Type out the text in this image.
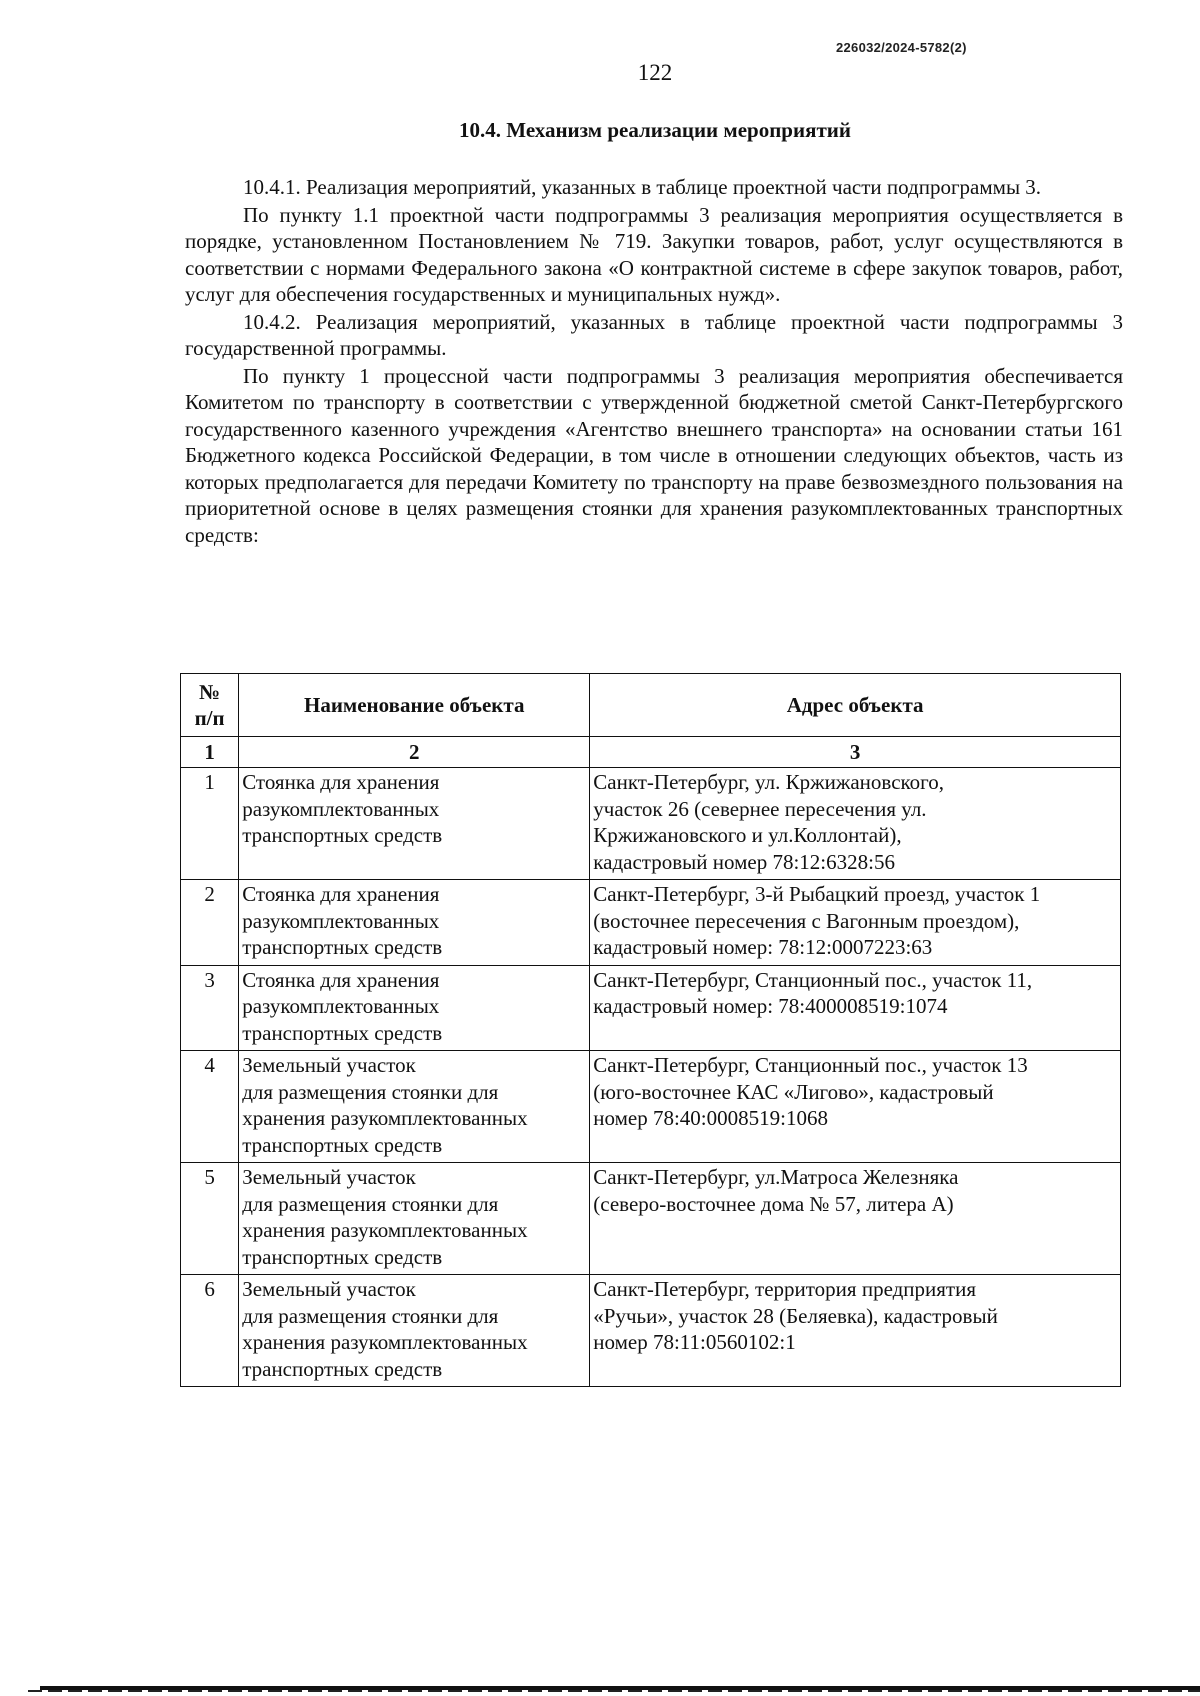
226032/2024-5782(2)
122
10.4. Механизм реализации мероприятий

10.4.1. Реализация мероприятий, указанных в таблице проектной части подпрограммы 3.

По пункту 1.1 проектной части подпрограммы 3 реализация мероприятия осуществляется в порядке, установленном Постановлением № 719. Закупки товаров, работ, услуг осуществляются в соответствии с нормами Федерального закона «О контрактной системе в сфере закупок товаров, работ, услуг для обеспечения государственных и муниципальных нужд».

10.4.2. Реализация мероприятий, указанных в таблице проектной части подпрограммы 3 государственной программы.

По пункту 1 процессной части подпрограммы 3 реализация мероприятия обеспечивается Комитетом по транспорту в соответствии с утвержденной бюджетной сметой Санкт-Петербургского государственного казенного учреждения «Агентство внешнего транспорта» на основании статьи 161 Бюджетного кодекса Российской Федерации, в том числе в отношении следующих объектов, часть из которых предполагается для передачи Комитету по транспорту на праве безвозмездного пользования на приоритетной основе в целях размещения стоянки для хранения разукомплектованных транспортных средств:

№
п/п	Наименование объекта	Адрес объекта
1	2	3
1	Стоянка для хранения
разукомплектованных
транспортных средств	Санкт-Петербург, ул. Кржижановского,
участок 26 (севернее пересечения ул.
Кржижановского и ул.Коллонтай),
кадастровый номер 78:12:6328:56

2	Стоянка для хранения
разукомплектованных
транспортных средств	Санкт-Петербург, 3-й Рыбацкий проезд, участок 1
(восточнее пересечения с Вагонным проездом),
кадастровый номер: 78:12:0007223:63

3	Стоянка для хранения
разукомплектованных
транспортных средств	Санкт-Петербург, Станционный пос., участок 11,
кадастровый номер: 78:400008519:1074

4	Земельный участок
для размещения стоянки для
хранения разукомплектованных
транспортных средств	Санкт-Петербург, Станционный пос., участок 13
(юго-восточнее КАС «Лигово», кадастровый
номер 78:40:0008519:1068

5	Земельный участок
для размещения стоянки для
хранения разукомплектованных
транспортных средств	Санкт-Петербург, ул.Матроса Железняка
(северо-восточнее дома № 57, литера А)

6	Земельный участок
для размещения стоянки для
хранения разукомплектованных
транспортных средств	Санкт-Петербург, территория предприятия
«Ручьи», участок 28 (Беляевка), кадастровый
номер 78:11:0560102:1
